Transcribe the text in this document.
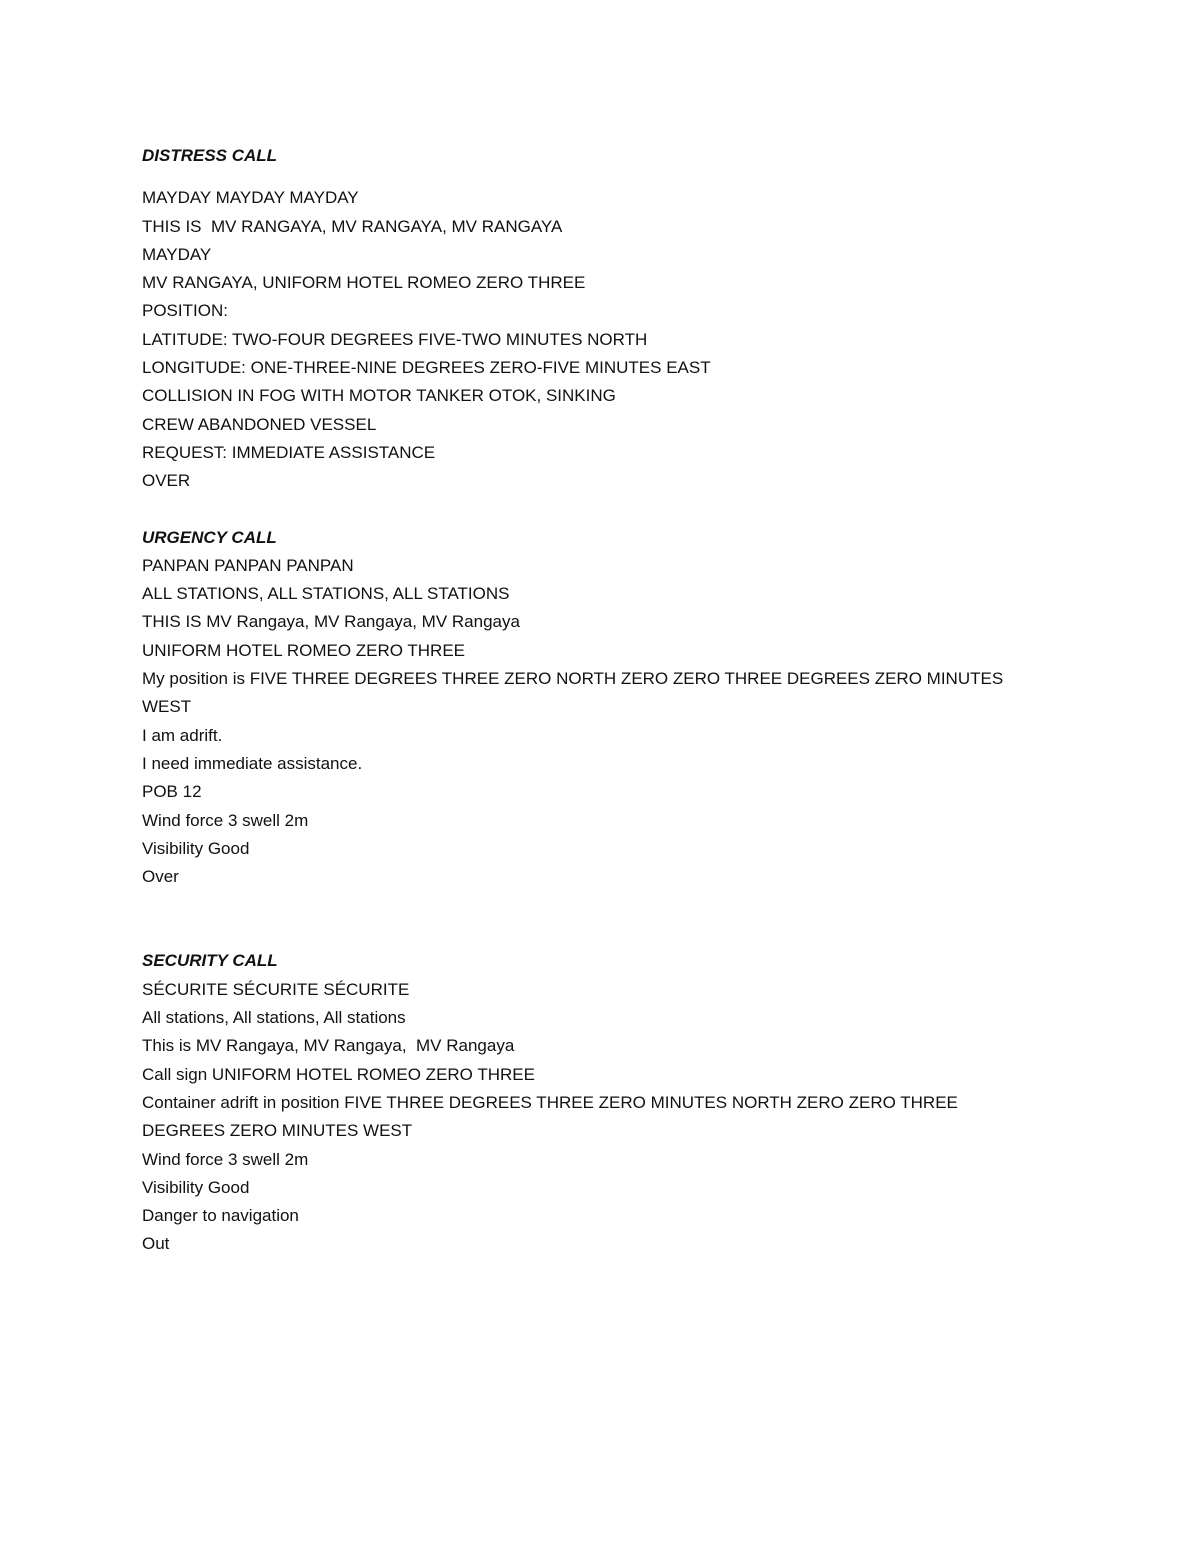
DISTRESS CALL
MAYDAY MAYDAY MAYDAY
THIS IS  MV RANGAYA, MV RANGAYA, MV RANGAYA
MAYDAY
MV RANGAYA, UNIFORM HOTEL ROMEO ZERO THREE
POSITION:
LATITUDE: TWO-FOUR DEGREES FIVE-TWO MINUTES NORTH
LONGITUDE: ONE-THREE-NINE DEGREES ZERO-FIVE MINUTES EAST
COLLISION IN FOG WITH MOTOR TANKER OTOK, SINKING
CREW ABANDONED VESSEL
REQUEST: IMMEDIATE ASSISTANCE
OVER
URGENCY CALL
PANPAN PANPAN PANPAN
ALL STATIONS, ALL STATIONS, ALL STATIONS
THIS IS MV Rangaya, MV Rangaya, MV Rangaya
UNIFORM HOTEL ROMEO ZERO THREE
My position is FIVE THREE DEGREES THREE ZERO NORTH ZERO ZERO THREE DEGREES ZERO MINUTES
WEST
I am adrift.
I need immediate assistance.
POB 12
Wind force 3 swell 2m
Visibility Good
Over
SECURITY CALL
SÉCURITE SÉCURITE SÉCURITE
All stations, All stations, All stations
This is MV Rangaya, MV Rangaya,  MV Rangaya
Call sign UNIFORM HOTEL ROMEO ZERO THREE
Container adrift in position FIVE THREE DEGREES THREE ZERO MINUTES NORTH ZERO ZERO THREE
DEGREES ZERO MINUTES WEST
Wind force 3 swell 2m
Visibility Good
Danger to navigation
Out
